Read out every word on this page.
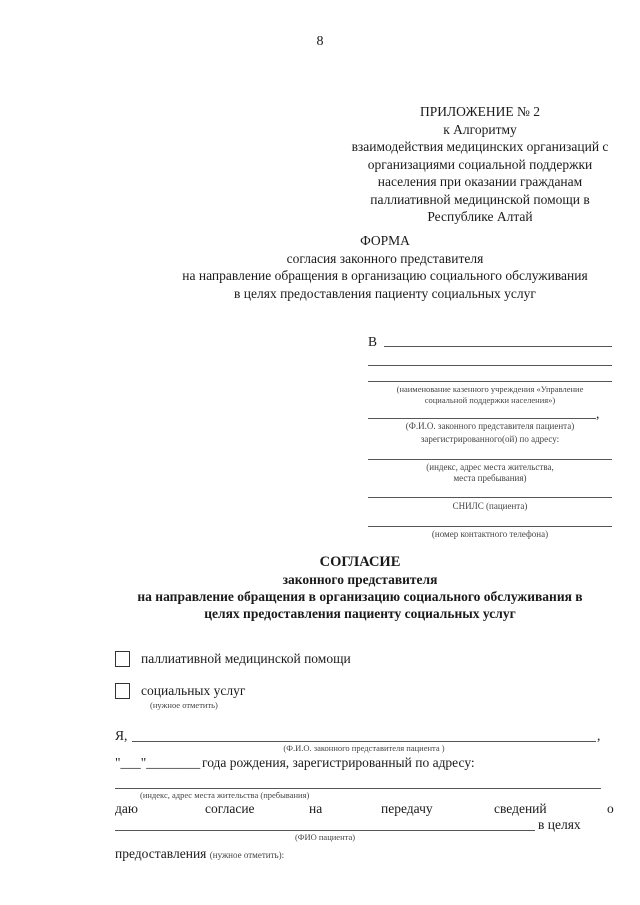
8
ПРИЛОЖЕНИЕ № 2
к Алгоритму
взаимодействия медицинских организаций с
организациями социальной поддержки
населения при оказании гражданам
паллиативной медицинской помощи в
Республике Алтай
ФОРМА
согласия законного представителя
на направление обращения в организацию социального обслуживания
в целях предоставления пациенту социальных услуг
В
(наименование казенного учреждения «Управление
социальной поддержки населения»)
,
(Ф.И.О. законного представителя пациента)
зарегистрированного(ой) по адресу:
(индекс, адрес места жительства,
места пребывания)
СНИЛС (пациента)
(номер контактного телефона)
СОГЛАСИЕ
законного представителя
на направление обращения в организацию социального обслуживания в
целях предоставления пациенту социальных услуг
паллиативной медицинской помощи
социальных услуг
(нужное отметить)
Я,	,
(Ф.И.О. законного представителя пациента )
"___"________ года рождения, зарегистрированный по адресу:
(индекс, адрес места жительства (пребывания)
даю	согласие	на	передачу	сведений	о
в целях
(ФИО пациента)
предоставления (нужное отметить):
